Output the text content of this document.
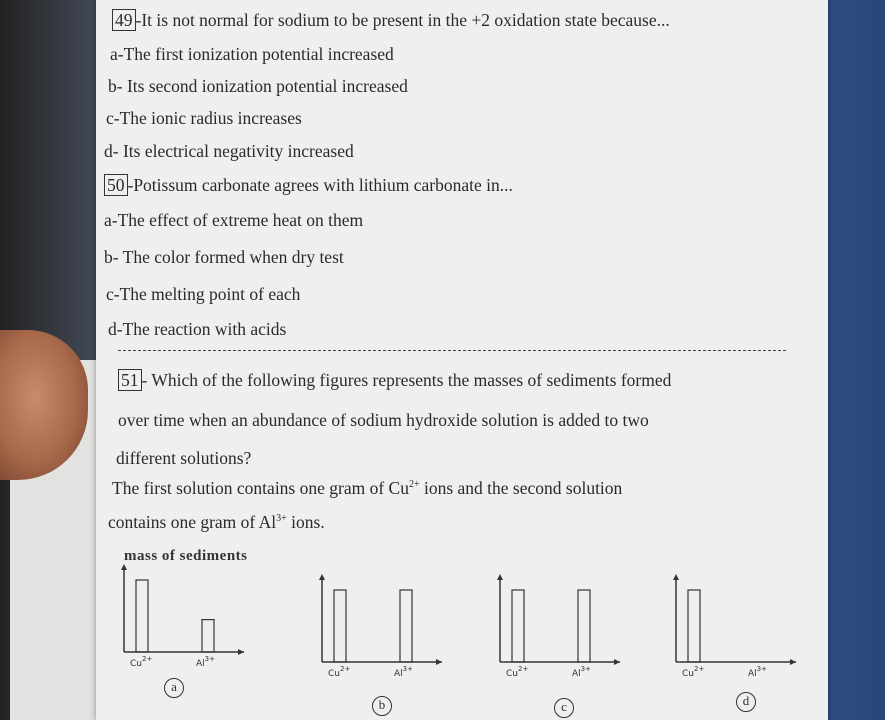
49 -It is not normal for sodium to be present in the +2 oxidation state because...
a-The first ionization potential increased
b- Its second ionization potential increased
c-The ionic radius increases
d- Its electrical negativity increased
50 -Potissum carbonate agrees with lithium carbonate in...
a-The effect of extreme heat on them
b- The color formed when dry test
c-The melting point of each
d-The reaction with acids
51 - Which of the following figures represents the masses of sediments formed
over time when an abundance of sodium hydroxide solution is added to two
different solutions?
The first solution contains one gram of $Cu^{2+}$ ions and the second solution
contains one gram of $Al^{3+}$ ions.
mass of sediments
$Cu^{2+}$	$Al^{3+}$
$Cu^{2+}$	$Al^{3+}$	$Cu^{2+}$	$Al^{3+}$	$Cu^{2+}$	$Al^{3+}$
a
b	c	d
